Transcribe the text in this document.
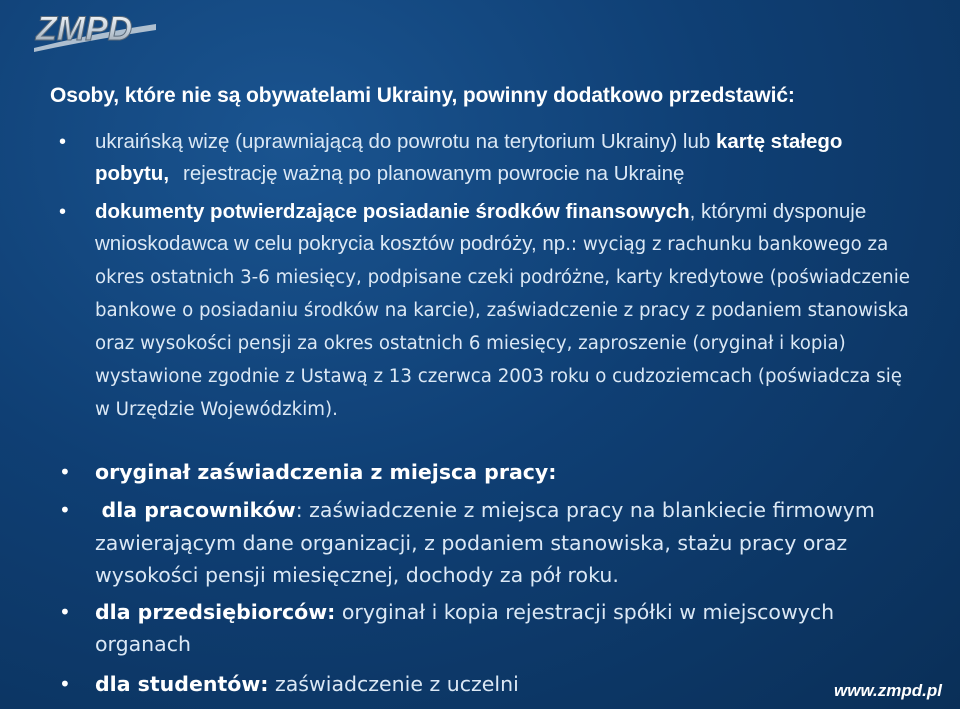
ZMPD
Osoby, które nie są obywatelami Ukrainy, powinny dodatkowo przedstawić:
• ukraińską wizę (uprawniającą do powrotu na terytorium Ukrainy) lub kartę stałego pobytu, rejestrację ważną po planowanym powrocie na Ukrainę
• dokumenty potwierdzające posiadanie środków finansowych, którymi dysponuje wnioskodawca w celu pokrycia kosztów podróży, np.: wyciąg z rachunku bankowego za okres ostatnich 3-6 miesięcy, podpisane czeki podróżne, karty kredytowe (poświadczenie bankowe o posiadaniu środków na karcie), zaświadczenie z pracy z podaniem stanowiska oraz wysokości pensji za okres ostatnich 6 miesięcy, zaproszenie (oryginał i kopia) wystawione zgodnie z Ustawą z 13 czerwca 2003 roku o cudzoziemcach (poświadcza się w Urzędzie Wojewódzkim).
• oryginał zaświadczenia z miejsca pracy:
• dla pracowników: zaświadczenie z miejsca pracy na blankiecie firmowym zawierającym dane organizacji, z podaniem stanowiska, stażu pracy oraz wysokości pensji miesięcznej, dochody za pół roku.
• dla przedsiębiorców: oryginał i kopia rejestracji spółki w miejscowych organach
• dla studentów: zaświadczenie z uczelni	www.zmpd.pl
